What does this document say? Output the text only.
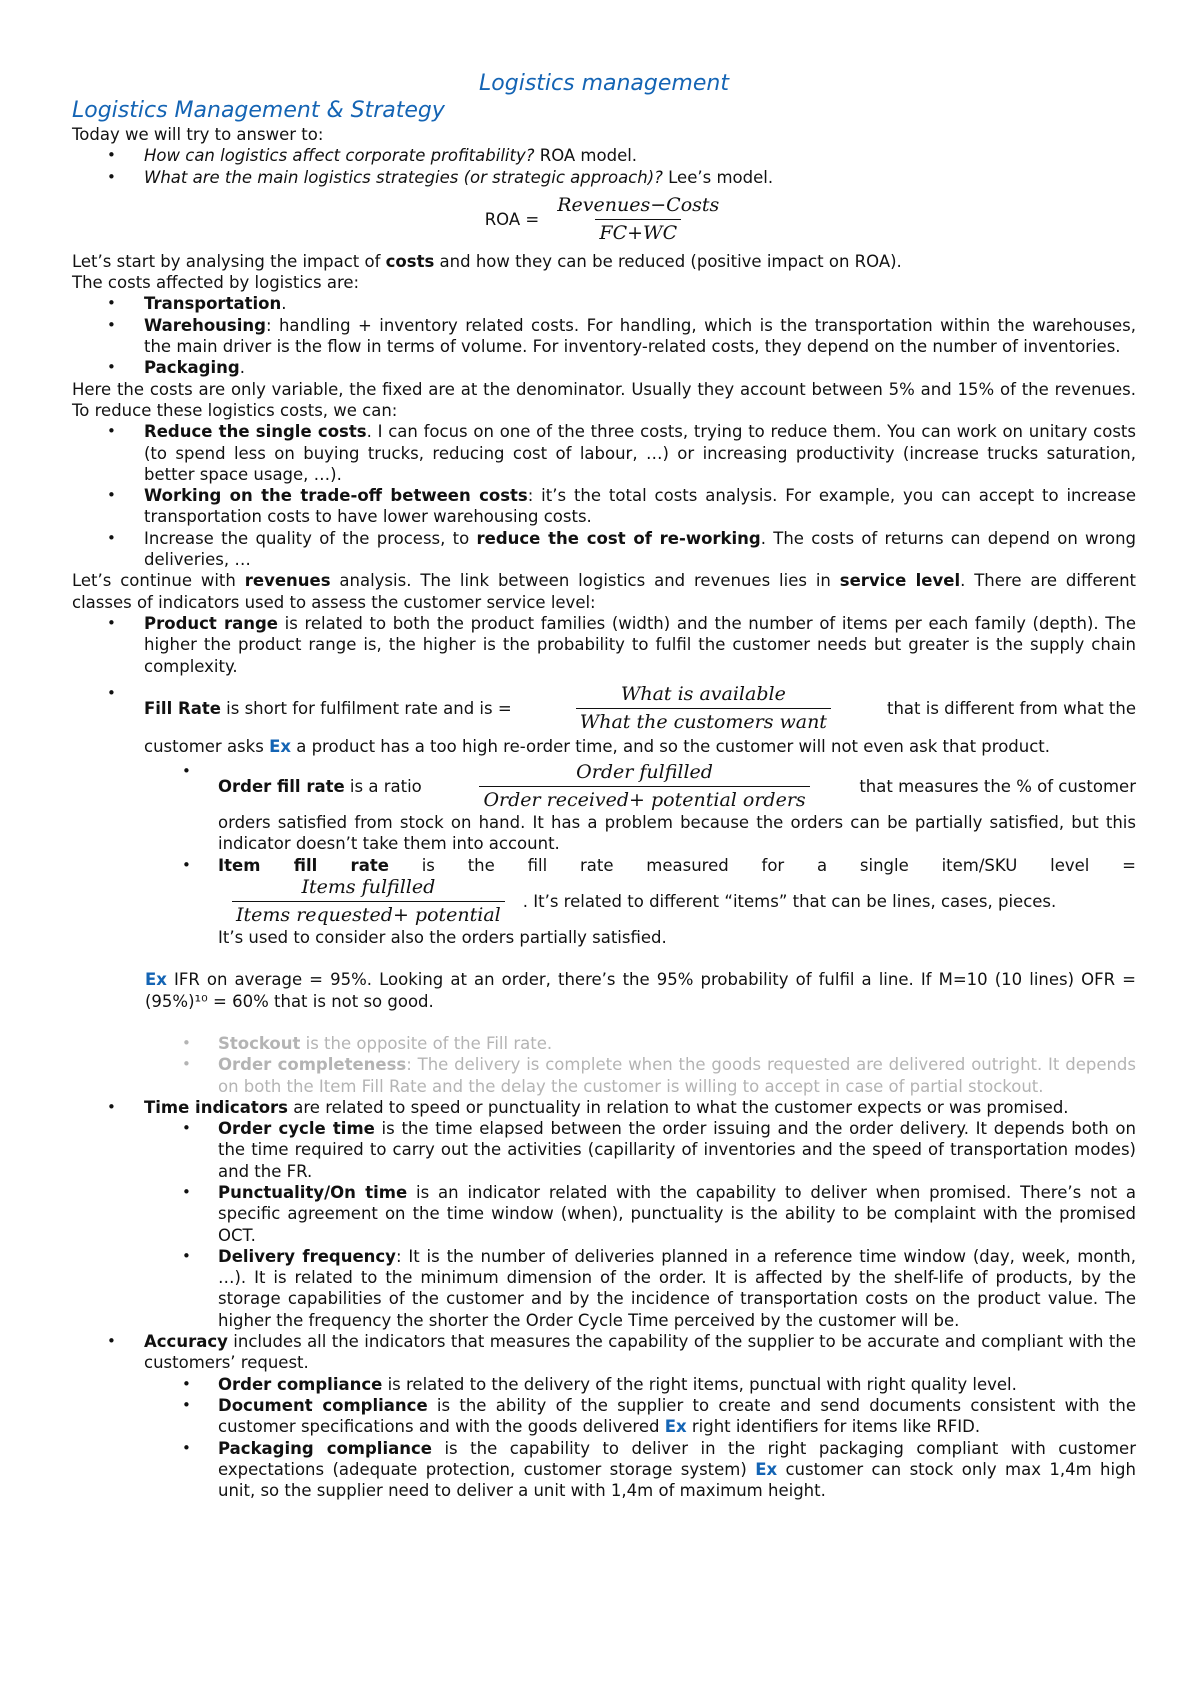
Logistics management
Logistics Management & Strategy

Today we will try to answer to:

• How can logistics affect corporate profitability? ROA model.
• What are the main logistics strategies (or strategic approach)? Lee’s model.
ROA = $\frac{\text{Revenues−Costs}}{FC+WC}$

Let’s start by analysing the impact of costs and how they can be reduced (positive impact on ROA).

The costs affected by logistics are:

• Transportation.
• Warehousing: handling + inventory related costs. For handling, which is the transportation within the warehouses, the main driver is the flow in terms of volume. For inventory-related costs, they depend on the number of inventories.
• Packaging.

Here the costs are only variable, the fixed are at the denominator. Usually they account between 5% and 15% of the revenues. To reduce these logistics costs, we can:

• Reduce the single costs. I can focus on one of the three costs, trying to reduce them. You can work on unitary costs (to spend less on buying trucks, reducing cost of labour, …) or increasing productivity (increase trucks saturation, better space usage, …).
• Working on the trade-off between costs: it’s the total costs analysis. For example, you can accept to increase transportation costs to have lower warehousing costs.
• Increase the quality of the process, to reduce the cost of re-working. The costs of returns can depend on wrong deliveries, …

Let’s continue with revenues analysis. The link between logistics and revenues lies in service level. There are different classes of indicators used to assess the customer service level:

• Product range is related to both the product families (width) and the number of items per each family (depth). The higher the product range is, the higher is the probability to fulfil the customer needs but greater is the supply chain complexity.
• Fill Rate is short for fulfilment rate and is =	$\frac{\text{What is available}}{\text{What the customers want}}$	that is different from what the
customer asks Ex a product has a too high re-order time, and so the customer will not even ask that product.
• Order fill rate is a ratio	$\frac{\text{Order fulfilled}}{\text{Order received+ potential orders}}$	that measures the % of customer
orders satisfied from stock on hand. It has a problem because the orders can be partially satisfied, but this indicator doesn’t take them into account.
• Item fill rate is the fill rate measured for a single item/SKU level =
$\frac{\text{Items fulfilled}}{\text{Items requested+ potential}}$ . It’s related to different “items” that can be lines, cases, pieces.
It’s used to consider also the orders partially satisfied.

Ex IFR on average = 95%. Looking at an order, there’s the 95% probability of fulfil a line. If M=10 (10 lines) OFR = (95%)¹⁰ = 60% that is not so good.

• Stockout is the opposite of the Fill rate.
• Order completeness: The delivery is complete when the goods requested are delivered outright. It depends on both the Item Fill Rate and the delay the customer is willing to accept in case of partial stockout.
• Time indicators are related to speed or punctuality in relation to what the customer expects or was promised.
• Order cycle time is the time elapsed between the order issuing and the order delivery. It depends both on the time required to carry out the activities (capillarity of inventories and the speed of transportation modes) and the FR.
• Punctuality/On time is an indicator related with the capability to deliver when promised. There’s not a specific agreement on the time window (when), punctuality is the ability to be complaint with the promised OCT.
• Delivery frequency: It is the number of deliveries planned in a reference time window (day, week, month, …). It is related to the minimum dimension of the order. It is affected by the shelf-life of products, by the storage capabilities of the customer and by the incidence of transportation costs on the product value. The higher the frequency the shorter the Order Cycle Time perceived by the customer will be.
• Accuracy includes all the indicators that measures the capability of the supplier to be accurate and compliant with the customers’ request.
• Order compliance is related to the delivery of the right items, punctual with right quality level.
• Document compliance is the ability of the supplier to create and send documents consistent with the customer specifications and with the goods delivered Ex right identifiers for items like RFID.
• Packaging compliance is the capability to deliver in the right packaging compliant with customer expectations (adequate protection, customer storage system) Ex customer can stock only max 1,4m high unit, so the supplier need to deliver a unit with 1,4m of maximum height.
